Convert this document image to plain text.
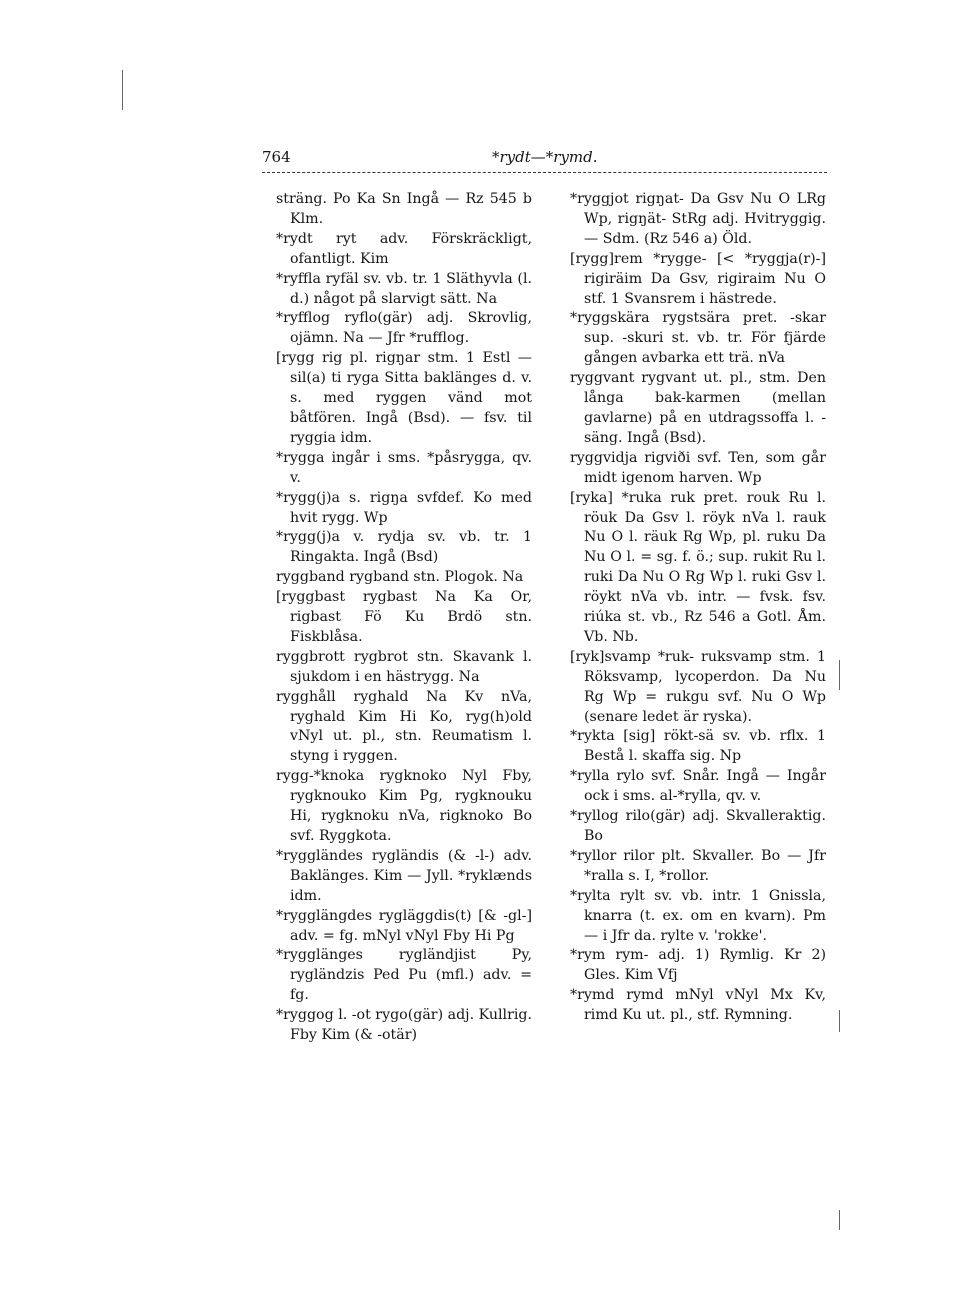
764	*rydt—*rymd.

sträng. Po Ka Sn Ingå — Rz 545 b Klm.

*rydt ryt adv. Förskräckligt, ofantligt. Kim

*ryffla ryfäl sv. vb. tr. 1 Släthyvla (l. d.) något på slarvigt sätt. Na

*ryfflog ryflo(gär) adj. Skrovlig, ojämn. Na — Jfr *rufflog.

[rygg rig pl. rigŋar stm. 1 Estl — sil(a) ti ryga Sitta baklänges d. v. s. med ryggen vänd mot båtfören. Ingå (Bsd). — fsv. til ryggia idm.

*rygga ingår i sms. *påsrygga, qv. v.

*rygg(j)a s. rigŋa svfdef. Ko med hvit rygg. Wp

*rygg(j)a v. rydja sv. vb. tr. 1 Ringakta. Ingå (Bsd)

ryggband rygband stn. Plogok. Na

[ryggbast rygbast Na Ka Or, rigbast Fö Ku Brdö stn. Fiskblåsa.

ryggbrott rygbrot stn. Skavank l. sjukdom i en hästrygg. Na

rygghåll ryghald Na Kv nVa, ryghald Kim Hi Ko, ryg(h)old vNyl ut. pl., stn. Reumatism l. styng i ryggen.

rygg-*knoka rygknoko Nyl Fby, rygknouko Kim Pg, rygknouku Hi, rygknoku nVa, rigknoko Bo svf. Ryggkota.

*ryggländes rygländis (& -l-) adv. Baklänges. Kim — Jyll. *ryklænds idm.

*rygglängdes rygläggdis(t) [& -gl-] adv. = fg. mNyl vNyl Fby Hi Pg

*rygglänges rygländjist Py, rygländzis Ped Pu (mfl.) adv. = fg.

*ryggog l. -ot rygo(gär) adj. Kullrig. Fby Kim (& -otär)

*ryggjot rigŋat- Da Gsv Nu O LRg Wp, rigŋät- StRg adj. Hvitryggig. — Sdm. (Rz 546 a) Öld.

[rygg]rem *rygge- [< *ryggja(r)-] rigiräim Da Gsv, rigiraim Nu O stf. 1 Svansrem i hästrede.

*ryggskära rygstsära pret. -skar sup. -skuri st. vb. tr. För fjärde gången avbarka ett trä. nVa

ryggvant rygvant ut. pl., stm. Den långa bak-karmen (mellan gavlarne) på en utdragssoffa l. -säng. Ingå (Bsd).

ryggvidja rigviði svf. Ten, som går midt igenom harven. Wp

[ryka] *ruka ruk pret. rouk Ru l. röuk Da Gsv l. röyk nVa l. rauk Nu O l. räuk Rg Wp, pl. ruku Da Nu O l. = sg. f. ö.; sup. rukit Ru l. ruki Da Nu O Rg Wp l. ruki Gsv l. röykt nVa vb. intr. — fvsk. fsv. riúka st. vb., Rz 546 a Gotl. Åm. Vb. Nb.

[ryk]svamp *ruk- ruksvamp stm. 1 Röksvamp, lycoperdon. Da Nu Rg Wp = rukgu svf. Nu O Wp (senare ledet är ryska).

*rykta [sig] rökt-sä sv. vb. rflx. 1 Bestå l. skaffa sig. Np

*rylla rylo svf. Snår. Ingå — Ingår ock i sms. al-*rylla, qv. v.

*ryllog rilo(gär) adj. Skvalleraktig. Bo

*ryllor rilor plt. Skvaller. Bo — Jfr *ralla s. I, *rollor.

*rylta rylt sv. vb. intr. 1 Gnissla, knarra (t. ex. om en kvarn). Pm — i Jfr da. rylte v. 'rokke'.

*rym rym- adj. 1) Rymlig. Kr 2) Gles. Kim Vfj

*rymd rymd mNyl vNyl Mx Kv, rimd Ku ut. pl., stf. Rymning.
